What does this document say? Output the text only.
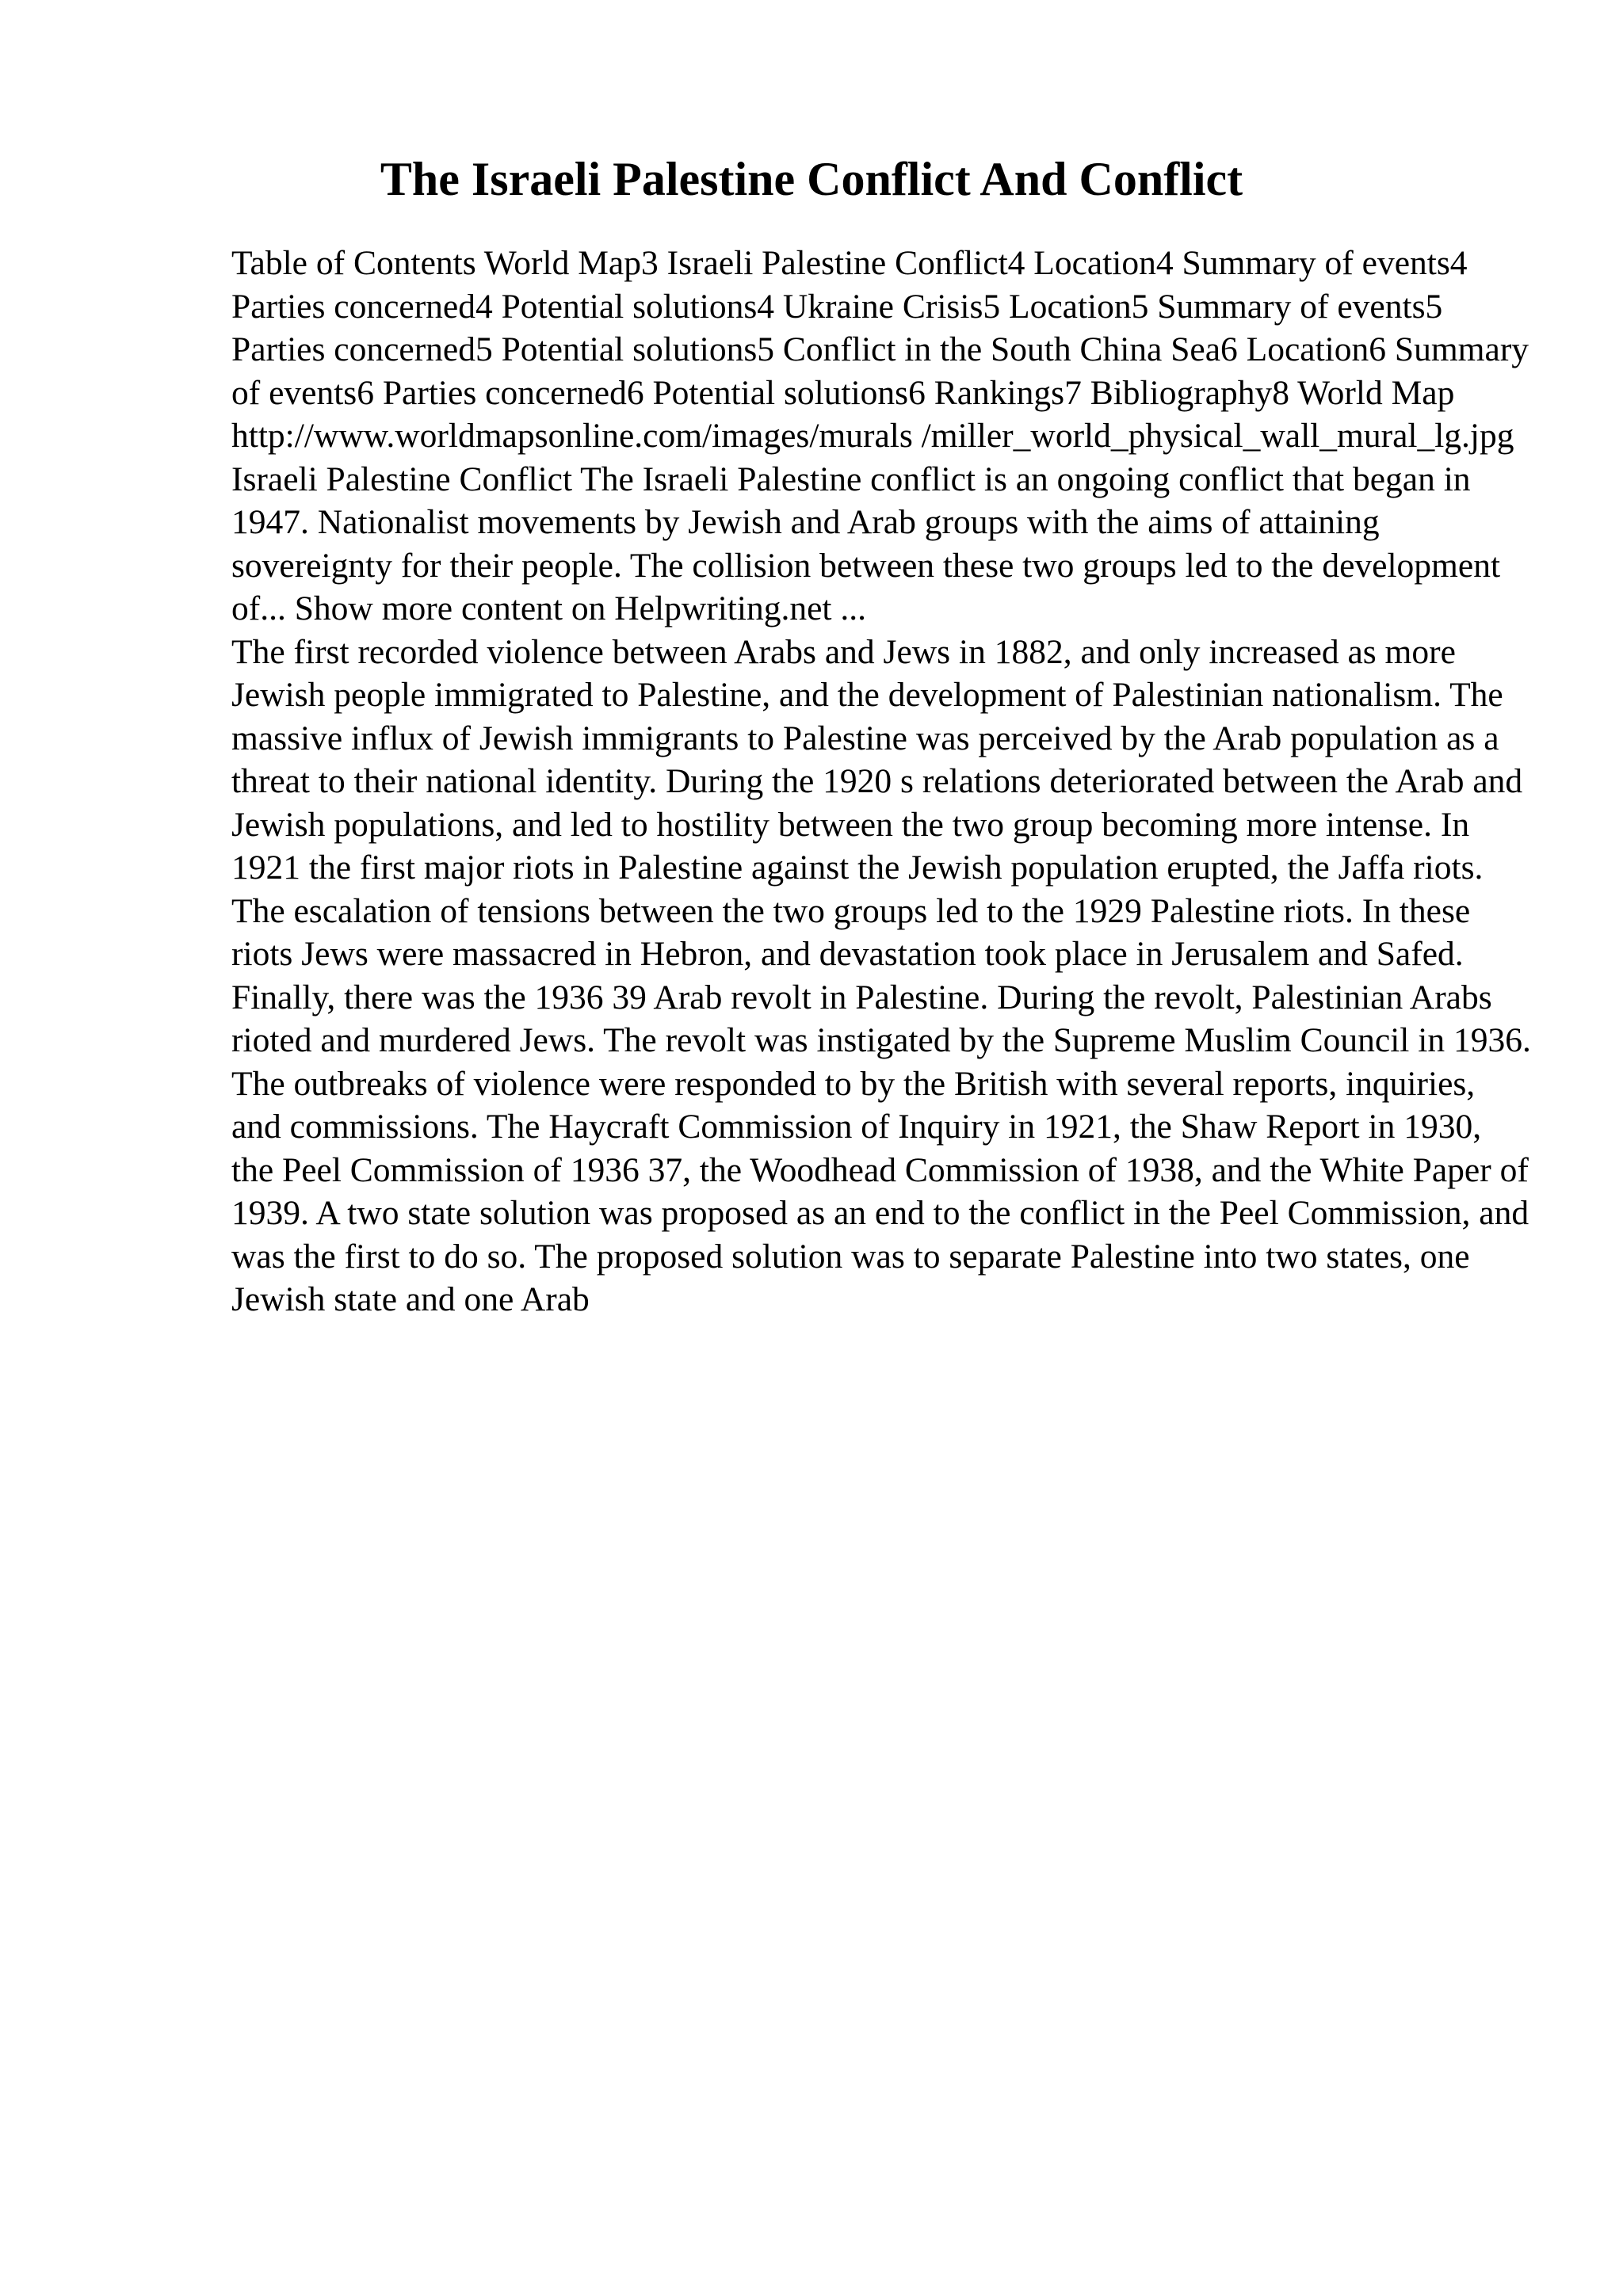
The Israeli Palestine Conflict And Conflict

Table of Contents World Map3 Israeli Palestine Conflict4 Location4 Summary of events4 Parties concerned4 Potential solutions4 Ukraine Crisis5 Location5 Summary of events5 Parties concerned5 Potential solutions5 Conflict in the South China Sea6 Location6 Summary of events6 Parties concerned6 Potential solutions6 Rankings7 Bibliography8 World Map http://www.worldmapsonline.com/images/murals /miller_world_physical_wall_mural_lg.jpg Israeli Palestine Conflict The Israeli Palestine conflict is an ongoing conflict that began in 1947. Nationalist movements by Jewish and Arab groups with the aims of attaining sovereignty for their people. The collision between these two groups led to the development of... Show more content on Helpwriting.net ...

The first recorded violence between Arabs and Jews in 1882, and only increased as more Jewish people immigrated to Palestine, and the development of Palestinian nationalism. The massive influx of Jewish immigrants to Palestine was perceived by the Arab population as a threat to their national identity. During the 1920 s relations deteriorated between the Arab and Jewish populations, and led to hostility between the two group becoming more intense. In 1921 the first major riots in Palestine against the Jewish population erupted, the Jaffa riots. The escalation of tensions between the two groups led to the 1929 Palestine riots. In these riots Jews were massacred in Hebron, and devastation took place in Jerusalem and Safed. Finally, there was the 1936 39 Arab revolt in Palestine. During the revolt, Palestinian Arabs rioted and murdered Jews. The revolt was instigated by the Supreme Muslim Council in 1936. The outbreaks of violence were responded to by the British with several reports, inquiries, and commissions. The Haycraft Commission of Inquiry in 1921, the Shaw Report in 1930, the Peel Commission of 1936 37, the Woodhead Commission of 1938, and the White Paper of 1939. A two state solution was proposed as an end to the conflict in the Peel Commission, and was the first to do so. The proposed solution was to separate Palestine into two states, one Jewish state and one Arab
